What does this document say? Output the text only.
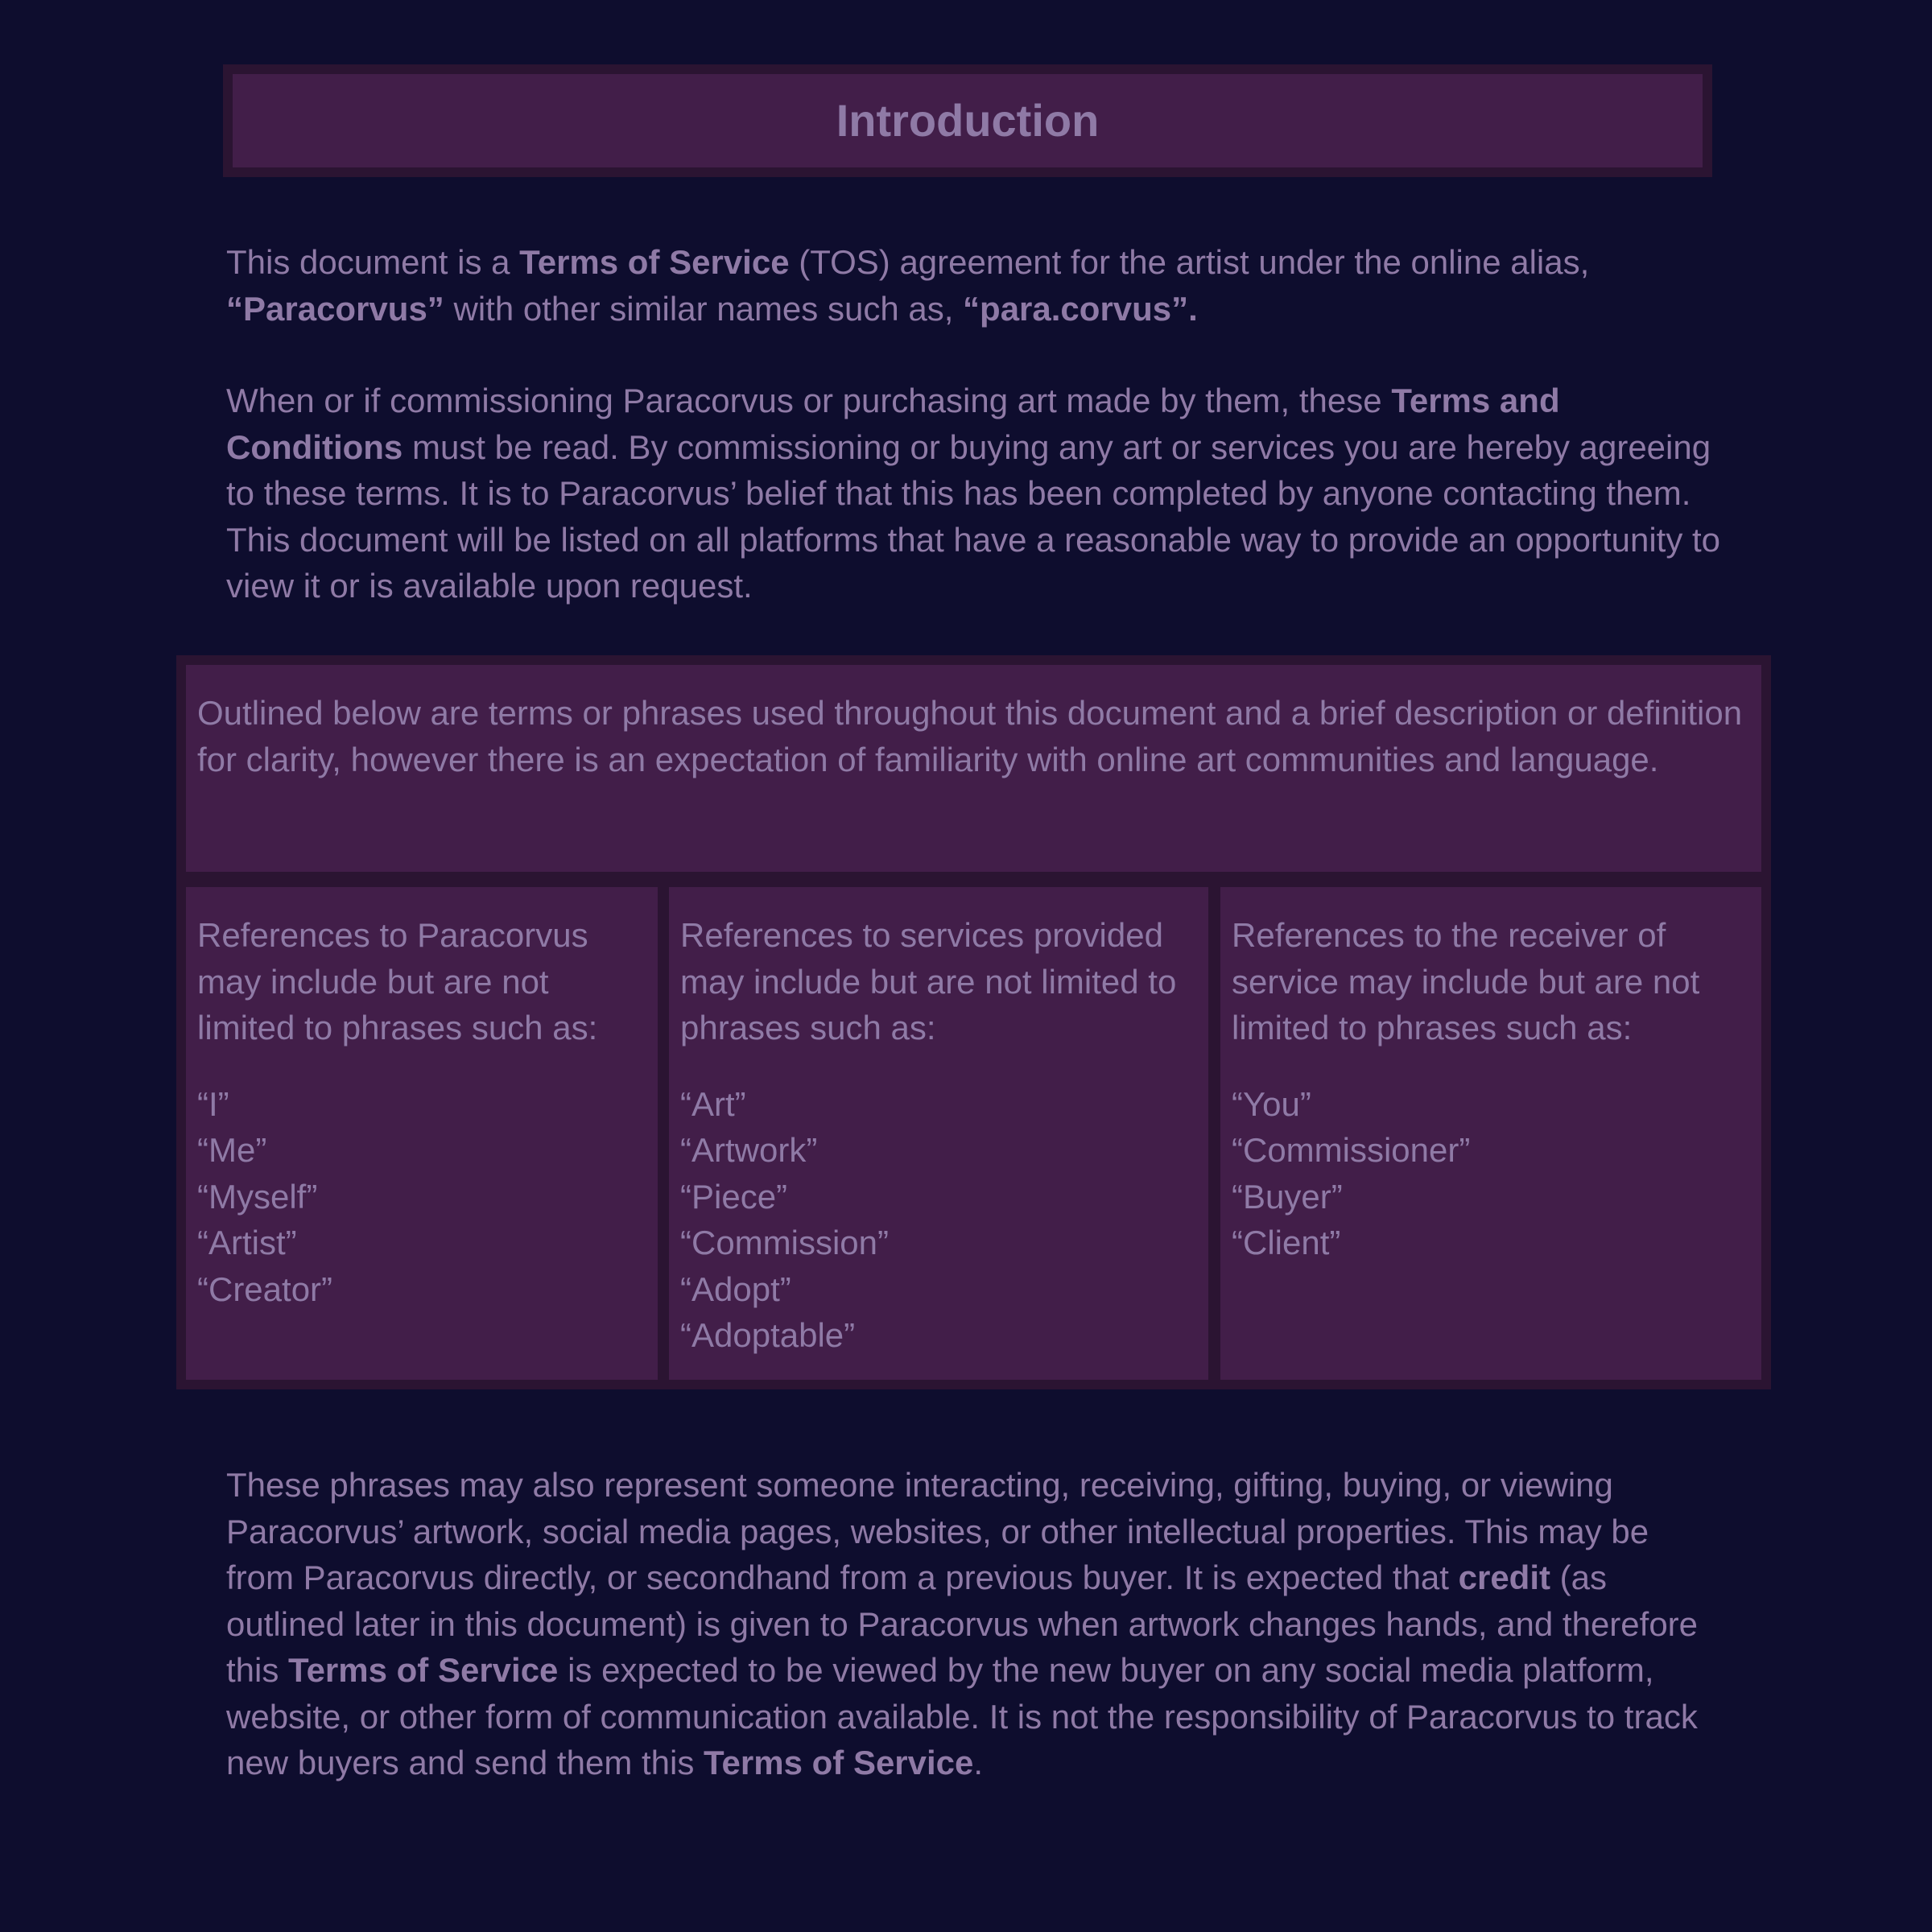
Introduction

This document is a Terms of Service (TOS) agreement for the artist under the online alias, “Paracorvus” with other similar names such as, “para.corvus”.

When or if commissioning Paracorvus or purchasing art made by them, these Terms and Conditions must be read. By commissioning or buying any art or services you are hereby agreeing to these terms. It is to Paracorvus’ belief that this has been completed by anyone contacting them. This document will be listed on all platforms that have a reasonable way to provide an opportunity to view it or is available upon request.

Outlined below are terms or phrases used throughout this document and a brief description or definition for clarity, however there is an expectation of familiarity with online art communities and language.

References to Paracorvus may include but are not limited to phrases such as:

“I”
“Me”
“Myself”
“Artist”
“Creator”

References to services provided may include but are not limited to phrases such as:

“Art”
“Artwork”
“Piece”
“Commission”
“Adopt”
“Adoptable”

References to the receiver of service may include but are not limited to phrases such as:

“You”
“Commissioner”
“Buyer”
“Client”

These phrases may also represent someone interacting, receiving, gifting, buying, or viewing Paracorvus’ artwork, social media pages, websites, or other intellectual properties. This may be from Paracorvus directly, or secondhand from a previous buyer. It is expected that credit (as outlined later in this document) is given to Paracorvus when artwork changes hands, and therefore this Terms of Service is expected to be viewed by the new buyer on any social media platform, website, or other form of communication available. It is not the responsibility of Paracorvus to track new buyers and send them this Terms of Service.
